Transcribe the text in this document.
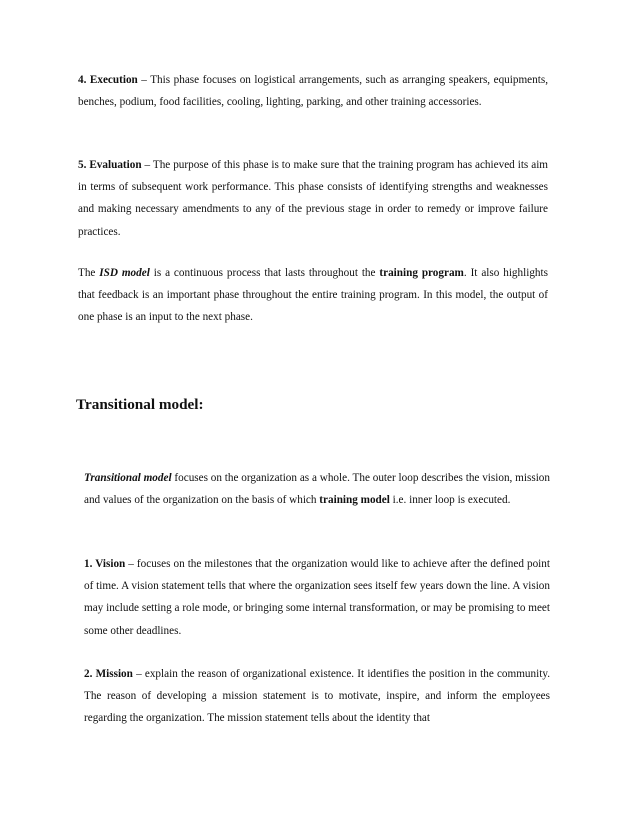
4. Execution – This phase focuses on logistical arrangements, such as arranging speakers, equipments, benches, podium, food facilities, cooling, lighting, parking, and other training accessories.

5. Evaluation – The purpose of this phase is to make sure that the training program has achieved its aim in terms of subsequent work performance. This phase consists of identifying strengths and weaknesses and making necessary amendments to any of the previous stage in order to remedy or improve failure practices.

The ISD model is a continuous process that lasts throughout the training program. It also highlights that feedback is an important phase throughout the entire training program. In this model, the output of one phase is an input to the next phase.

Transitional model:

Transitional model focuses on the organization as a whole. The outer loop describes the vision, mission and values of the organization on the basis of which training model i.e. inner loop is executed.

1. Vision – focuses on the milestones that the organization would like to achieve after the defined point of time. A vision statement tells that where the organization sees itself few years down the line. A vision may include setting a role mode, or bringing some internal transformation, or may be promising to meet some other deadlines.

2. Mission – explain the reason of organizational existence. It identifies the position in the community. The reason of developing a mission statement is to motivate, inspire, and inform the employees regarding the organization. The mission statement tells about the identity that
